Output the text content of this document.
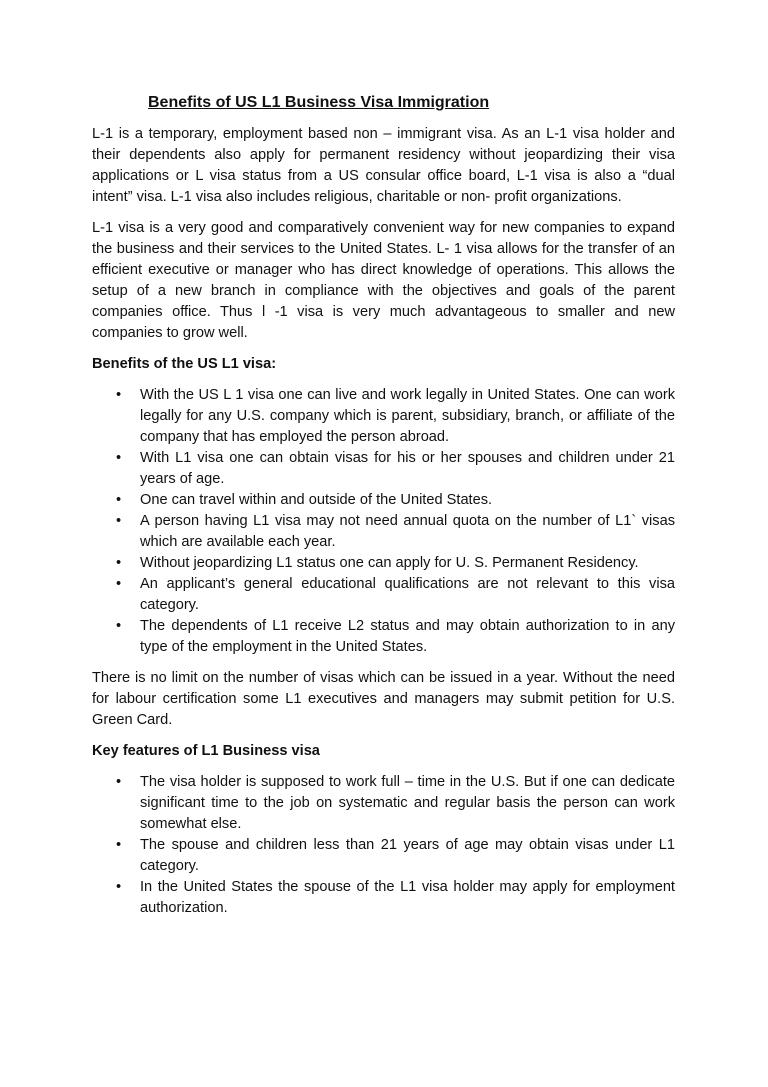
Benefits of US L1 Business Visa Immigration

L-1 is a temporary, employment based non – immigrant visa. As an L-1 visa holder and their dependents also apply for permanent residency without jeopardizing their visa applications or L visa status from a US consular office board, L-1 visa is also a “dual intent” visa. L-1 visa also includes religious, charitable or non- profit organizations.

L-1 visa is a very good and comparatively convenient way for new companies to expand the business and their services to the United States. L- 1 visa allows for the transfer of an efficient executive or manager who has direct knowledge of operations. This allows the setup of a new branch in compliance with the objectives and goals of the parent companies office. Thus l -1 visa is very much advantageous to smaller and new companies to grow well.

Benefits of the US L1 visa:
• With the US L 1 visa one can live and work legally in United States. One can work legally for any U.S. company which is parent, subsidiary, branch, or affiliate of the company that has employed the person abroad.
• With L1 visa one can obtain visas for his or her spouses and children under 21 years of age.
• One can travel within and outside of the United States.
• A person having L1 visa may not need annual quota on the number of L1` visas which are available each year.
• Without jeopardizing L1 status one can apply for U. S. Permanent Residency.
• An applicant’s general educational qualifications are not relevant to this visa category.
• The dependents of L1 receive L2 status and may obtain authorization to in any type of the employment in the United States.

There is no limit on the number of visas which can be issued in a year. Without the need for labour certification some L1 executives and managers may submit petition for U.S. Green Card.

Key features of L1 Business visa
• The visa holder is supposed to work full – time in the U.S. But if one can dedicate significant time to the job on systematic and regular basis the person can work somewhat else.
• The spouse and children less than 21 years of age may obtain visas under L1 category.
• In the United States the spouse of the L1 visa holder may apply for employment authorization.
